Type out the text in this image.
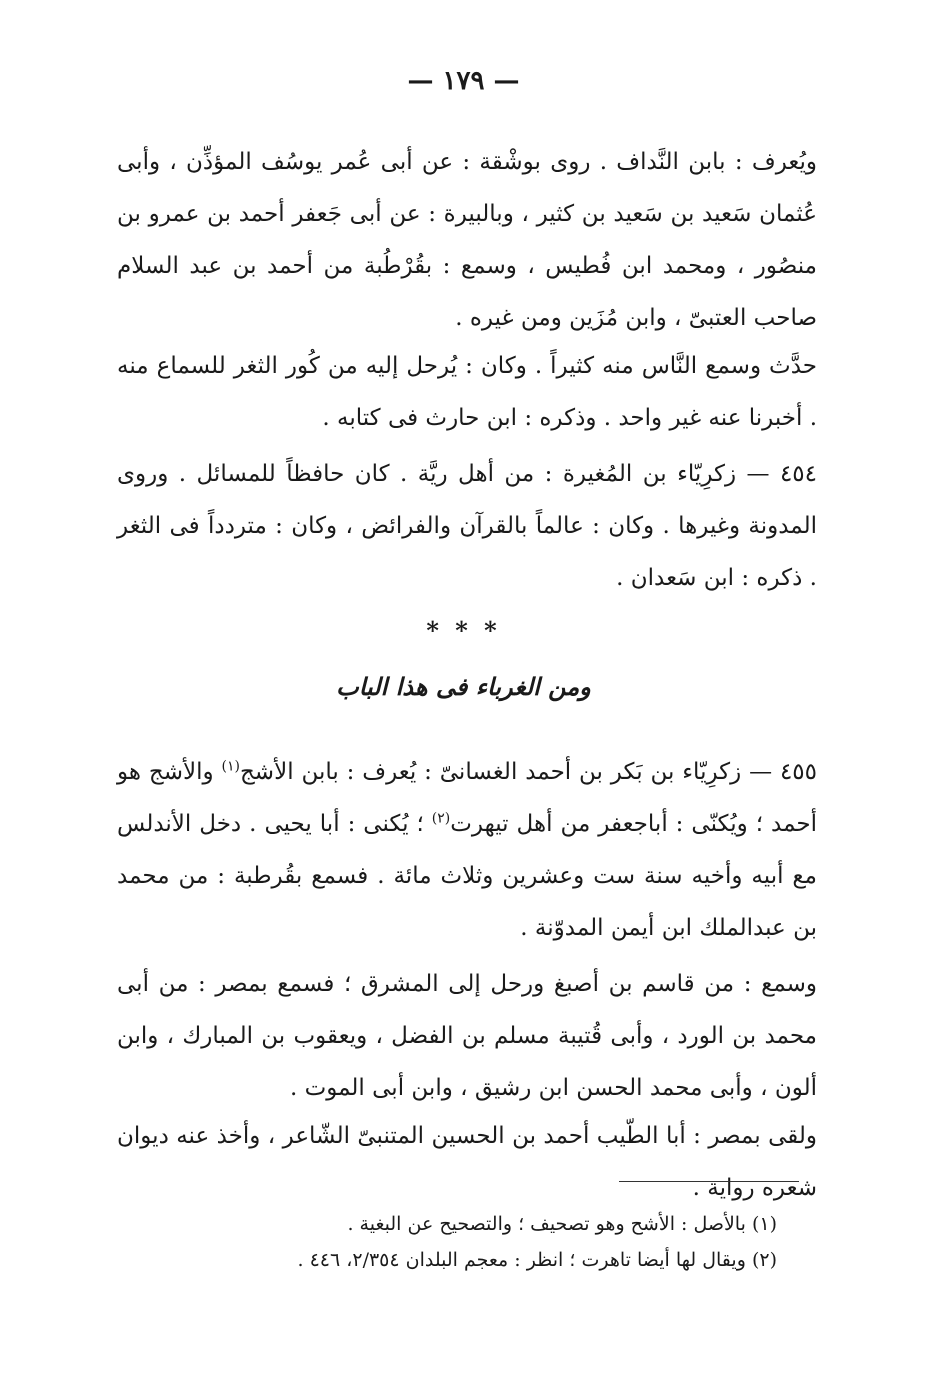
— ١٧٩ —

ويُعرف : بابن النَّداف . روى بوشْقة : عن أبى عُمر يوسُف المؤذِّن ، وأبى عُثمان سَعيد بن سَعيد بن كثير ، وبالبيرة : عن أبى جَعفر أحمد بن عمرو بن منصُور ، ومحمد ابن فُطيس ، وسمع : بقُرْطُبة من أحمد بن عبد السلام صاحب العتبىّ ، وابن مُزَين ومن غيره .

حدَّث وسمع النَّاس منه كثيراً . وكان : يُرحل إليه من كُور الثغر للسماع منه . أخبرنا عنه غير واحد . وذكره : ابن حارث فى كتابه .

٤٥٤ — زكرِيّاء بن المُغيرة : من أهل ريَّة . كان حافظاً للمسائل . وروى المدونة وغيرها . وكان : عالماً بالقرآن والفرائض ، وكان : متردداً فى الثغر . ذكره : ابن سَعدان .

* * *
ومن الغرباء فى هذا الباب

٤٥٥ — زكرِيّاء بن بَكر بن أحمد الغسانىّ : يُعرف : بابن الأشج$^{(١)}$ والأشج هو أحمد ؛ ويُكنّى : أباجعفر من أهل تيهرت$^{(٢)}$ ؛ يُكنى : أبا يحيى . دخل الأندلس مع أبيه وأخيه سنة ست وعشرين وثلاث مائة . فسمع بقُرطبة : من محمد بن عبدالملك ابن أيمن المدوّنة .

وسمع : من قاسم بن أصبغ ورحل إلى المشرق ؛ فسمع بمصر : من أبى محمد بن الورد ، وأبى قُتيبة مسلم بن الفضل ، ويعقوب بن المبارك ، وابن ألون ، وأبى محمد الحسن ابن رشيق ، وابن أبى الموت .

ولقى بمصر : أبا الطّيب أحمد بن الحسين المتنبىّ الشّاعر ، وأخذ عنه ديوان شعره رواية .

(١) بالأصل : الأشح وهو تصحيف ؛ والتصحيح عن البغية .
(٢) ويقال لها أيضا تاهرت ؛ انظر : معجم البلدان ٢/٣٥٤، ٤٤٦ .
